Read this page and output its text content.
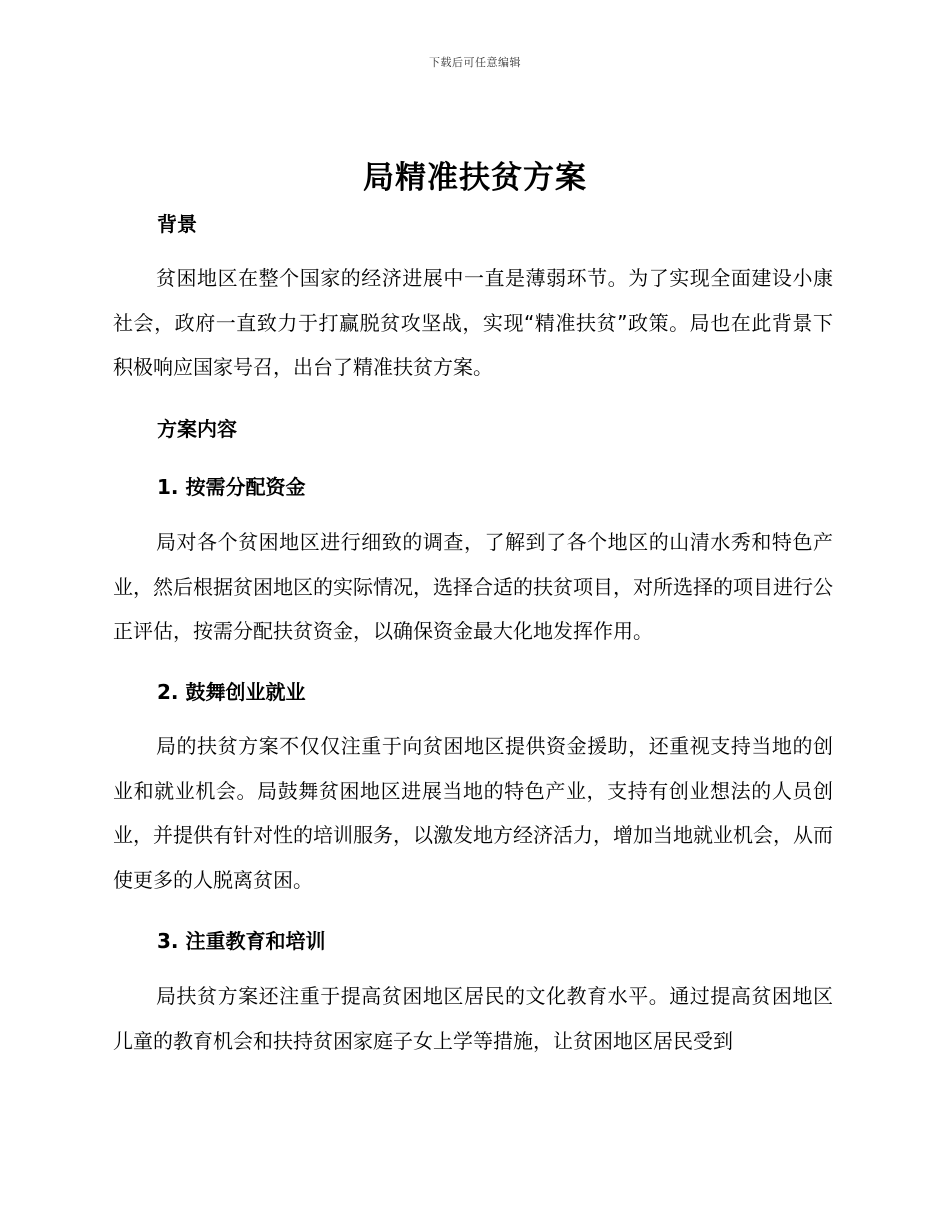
下载后可任意编辑
局精准扶贫方案
背景
贫困地区在整个国家的经济进展中一直是薄弱环节。为了实现全面建设小康社会，政府一直致力于打赢脱贫攻坚战，实现“精准扶贫”政策。局也在此背景下积极响应国家号召，出台了精准扶贫方案。
方案内容
1. 按需分配资金
局对各个贫困地区进行细致的调查，了解到了各个地区的山清水秀和特色产业，然后根据贫困地区的实际情况，选择合适的扶贫项目，对所选择的项目进行公正评估，按需分配扶贫资金，以确保资金最大化地发挥作用。
2. 鼓舞创业就业
局的扶贫方案不仅仅注重于向贫困地区提供资金援助，还重视支持当地的创业和就业机会。局鼓舞贫困地区进展当地的特色产业，支持有创业想法的人员创业，并提供有针对性的培训服务，以激发地方经济活力，增加当地就业机会，从而使更多的人脱离贫困。
3. 注重教育和培训
局扶贫方案还注重于提高贫困地区居民的文化教育水平。通过提高贫困地区儿童的教育机会和扶持贫困家庭子女上学等措施，让贫困地区居民受到
